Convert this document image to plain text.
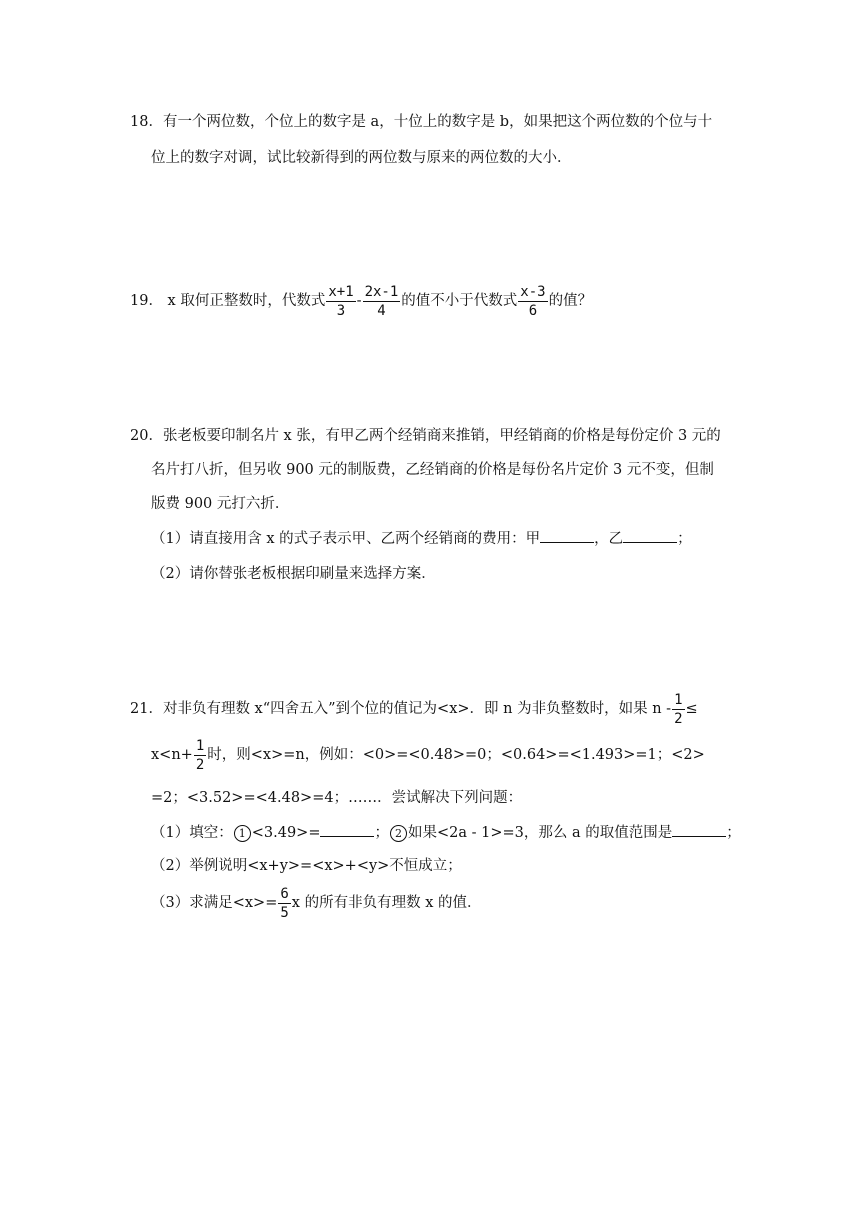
18．有一个两位数，个位上的数字是 a，十位上的数字是 b，如果把这个两位数的个位与十
位上的数字对调，试比较新得到的两位数与原来的两位数的大小．
19． x 取何正整数时，代数式 $\frac{x+1}{3} - \frac{2x-1}{4}$ 的值不小于代数式 $\frac{x-3}{6}$ 的值？
20．张老板要印制名片 x 张，有甲乙两个经销商来推销，甲经销商的价格是每份定价 3 元的
名片打八折，但另收 900 元的制版费，乙经销商的价格是每份名片定价 3 元不变，但制
版费 900 元打六折．
（1）请直接用含 x 的式子表示甲、乙两个经销商的费用：甲	，乙	；
（2）请你替张老板根据印刷量来选择方案．
21．对非负有理数 x“四舍五入”到个位的值记为<x>．即 n 为非负整数时，如果 n - $\frac{1}{2}$ ≤
$x<n+ \frac{1}{2}$ 时，则<x>=n，例如：<0>=<0.48>=0；<0.64>=<1.493>=1；<2>
=2；<3.52>=<4.48>=4；……．尝试解决下列问题：
（1）填空： 1 <3.49>=	； 2 如果<2a - 1>=3，那么 a 的取值范围是	；
（2）举例说明<x+y>=<x>+<y>不恒成立；
（3）求满足$<x>= \frac{6}{5}$ x 的所有非负有理数 x 的值．
